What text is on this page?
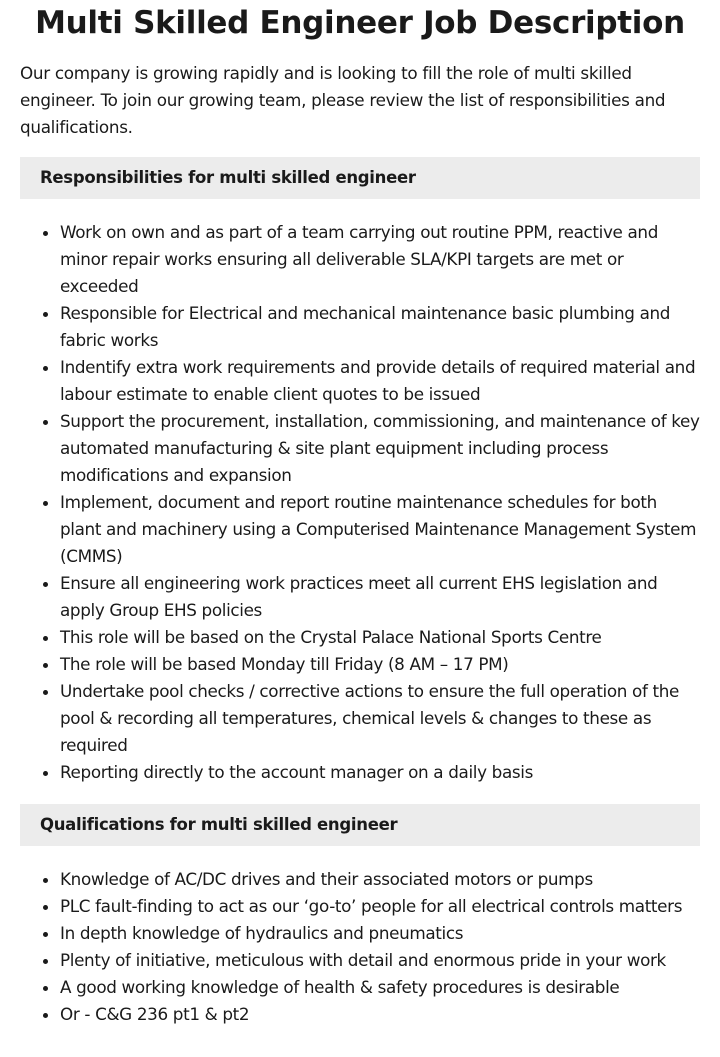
Multi Skilled Engineer Job Description

Our company is growing rapidly and is looking to fill the role of multi skilled engineer. To join our growing team, please review the list of responsibilities and qualifications.

Responsibilities for multi skilled engineer
• Work on own and as part of a team carrying out routine PPM, reactive and minor repair works ensuring all deliverable SLA/KPI targets are met or exceeded
• Responsible for Electrical and mechanical maintenance basic plumbing and fabric works
• Indentify extra work requirements and provide details of required material and labour estimate to enable client quotes to be issued
• Support the procurement, installation, commissioning, and maintenance of key automated manufacturing & site plant equipment including process modifications and expansion
• Implement, document and report routine maintenance schedules for both plant and machinery using a Computerised Maintenance Management System (CMMS)
• Ensure all engineering work practices meet all current EHS legislation and apply Group EHS policies
• This role will be based on the Crystal Palace National Sports Centre
• The role will be based Monday till Friday (8 AM – 17 PM)
• Undertake pool checks / corrective actions to ensure the full operation of the pool & recording all temperatures, chemical levels & changes to these as required
• Reporting directly to the account manager on a daily basis
Qualifications for multi skilled engineer
• Knowledge of AC/DC drives and their associated motors or pumps
• PLC fault-finding to act as our ‘go-to’ people for all electrical controls matters
• In depth knowledge of hydraulics and pneumatics
• Plenty of initiative, meticulous with detail and enormous pride in your work
• A good working knowledge of health & safety procedures is desirable
• Or - C&G 236 pt1 & pt2
